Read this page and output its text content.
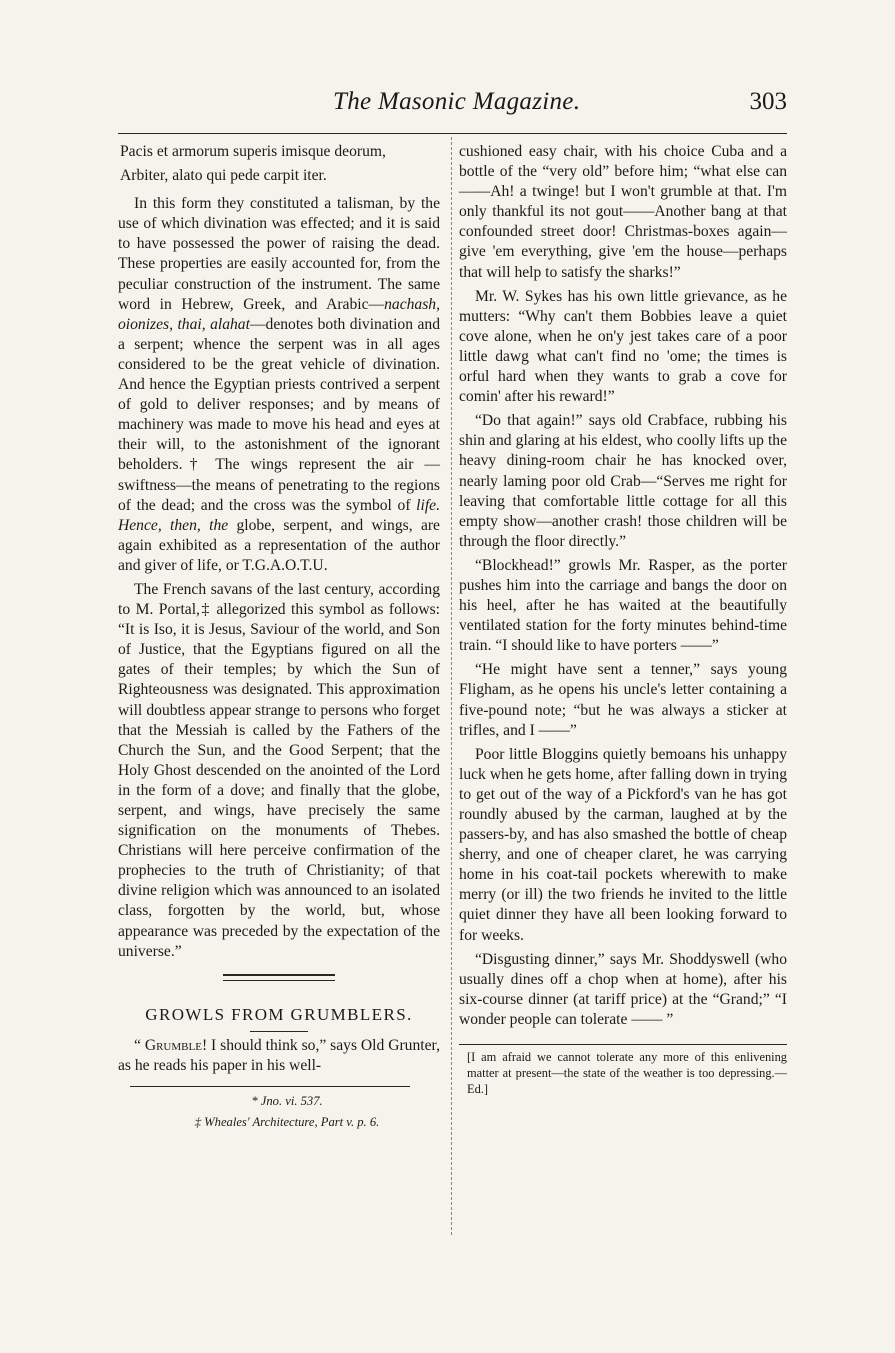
The Masonic Magazine.	303

Pacis et armorum superis imisque deorum,

Arbiter, alato qui pede carpit iter.

In this form they constituted a talisman, by the use of which divination was effected; and it is said to have possessed the power of raising the dead. These properties are easily accounted for, from the peculiar construction of the instrument. The same word in Hebrew, Greek, and Arabic—nachash, oionizes, thai, alahat—denotes both divination and a serpent; whence the serpent was in all ages considered to be the great vehicle of divination. And hence the Egyptian priests contrived a serpent of gold to deliver responses; and by means of machinery was made to move his head and eyes at their will, to the astonishment of the ignorant beholders.† The wings represent the air —swiftness—the means of penetrating to the regions of the dead; and the cross was the symbol of life. Hence, then, the globe, serpent, and wings, are again exhibited as a representation of the author and giver of life, or T.G.A.O.T.U.

The French savans of the last century, according to M. Portal,‡ allegorized this symbol as follows: “It is Iso, it is Jesus, Saviour of the world, and Son of Justice, that the Egyptians figured on all the gates of their temples; by which the Sun of Righteousness was designated. This approximation will doubtless appear strange to persons who forget that the Messiah is called by the Fathers of the Church the Sun, and the Good Serpent; that the Holy Ghost descended on the anointed of the Lord in the form of a dove; and finally that the globe, serpent, and wings, have precisely the same signification on the monuments of Thebes. Christians will here perceive confirmation of the prophecies to the truth of Christianity; of that divine religion which was announced to an isolated class, forgotten by the world, but, whose appearance was preceded by the expectation of the universe.”

GROWLS FROM GRUMBLERS.

“ Grumble! I should think so,” says Old Grunter, as he reads his paper in his well-

* Jno. vi. 537.

‡ Wheales' Architecture, Part v. p. 6.

cushioned easy chair, with his choice Cuba and a bottle of the “very old” before him; “what else can——Ah! a twinge! but I won't grumble at that. I'm only thankful its not gout——Another bang at that confounded street door! Christmas-boxes again—give 'em everything, give 'em the house—perhaps that will help to satisfy the sharks!”

Mr. W. Sykes has his own little grievance, as he mutters: “Why can't them Bobbies leave a quiet cove alone, when he on'y jest takes care of a poor little dawg what can't find no 'ome; the times is orful hard when they wants to grab a cove for comin' after his reward!”

“Do that again!” says old Crabface, rubbing his shin and glaring at his eldest, who coolly lifts up the heavy dining-room chair he has knocked over, nearly laming poor old Crab—“Serves me right for leaving that comfortable little cottage for all this empty show—another crash! those children will be through the floor directly.”

“Blockhead!” growls Mr. Rasper, as the porter pushes him into the carriage and bangs the door on his heel, after he has waited at the beautifully ventilated station for the forty minutes behind-time train. “I should like to have porters ——”

“He might have sent a tenner,” says young Fligham, as he opens his uncle's letter containing a five-pound note; “but he was always a sticker at trifles, and I ——”

Poor little Bloggins quietly bemoans his unhappy luck when he gets home, after falling down in trying to get out of the way of a Pickford's van he has got roundly abused by the carman, laughed at by the passers-by, and has also smashed the bottle of cheap sherry, and one of cheaper claret, he was carrying home in his coat-tail pockets wherewith to make merry (or ill) the two friends he invited to the little quiet dinner they have all been looking forward to for weeks.

“Disgusting dinner,” says Mr. Shoddyswell (who usually dines off a chop when at home), after his six-course dinner (at tariff price) at the “Grand;” “I wonder people can tolerate —— ”

[I am afraid we cannot tolerate any more of this enlivening matter at present—the state of the weather is too depressing.—Ed.]
